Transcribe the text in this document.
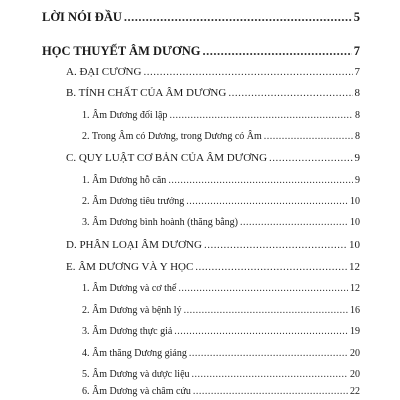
LỜI NÓI ĐẦU .....	5
HỌC THUYẾT ÂM DƯƠNG .....	7
A. ĐẠI CƯƠNG .....	7
B. TÍNH CHẤT CỦA ÂM DƯƠNG .....	8
1. Âm Dương đối lập .....	8
2. Trong Âm có Dương, trong Dương có Âm .....	8
C. QUY LUẬT CƠ BẢN CỦA ÂM DƯƠNG .....	9
1. Âm Dương hỗ căn .....	9
2. Âm Dương tiêu trưởng .....	10
3. Âm Dương bình hoành (thăng bằng) .....	10
D. PHÂN LOẠI ÂM DƯƠNG .....	10
E. ÂM DƯƠNG VÀ Y HỌC .....	12
1. Âm Dương và cơ thể .....	12
2. Âm Dương và bệnh lý .....	16
3. Âm Dương thực giả .....	19
4. Âm thăng Dương giáng .....	20
5. Âm Dương và dược liệu .....	20
6. Âm Dương và châm cứu .....	22
